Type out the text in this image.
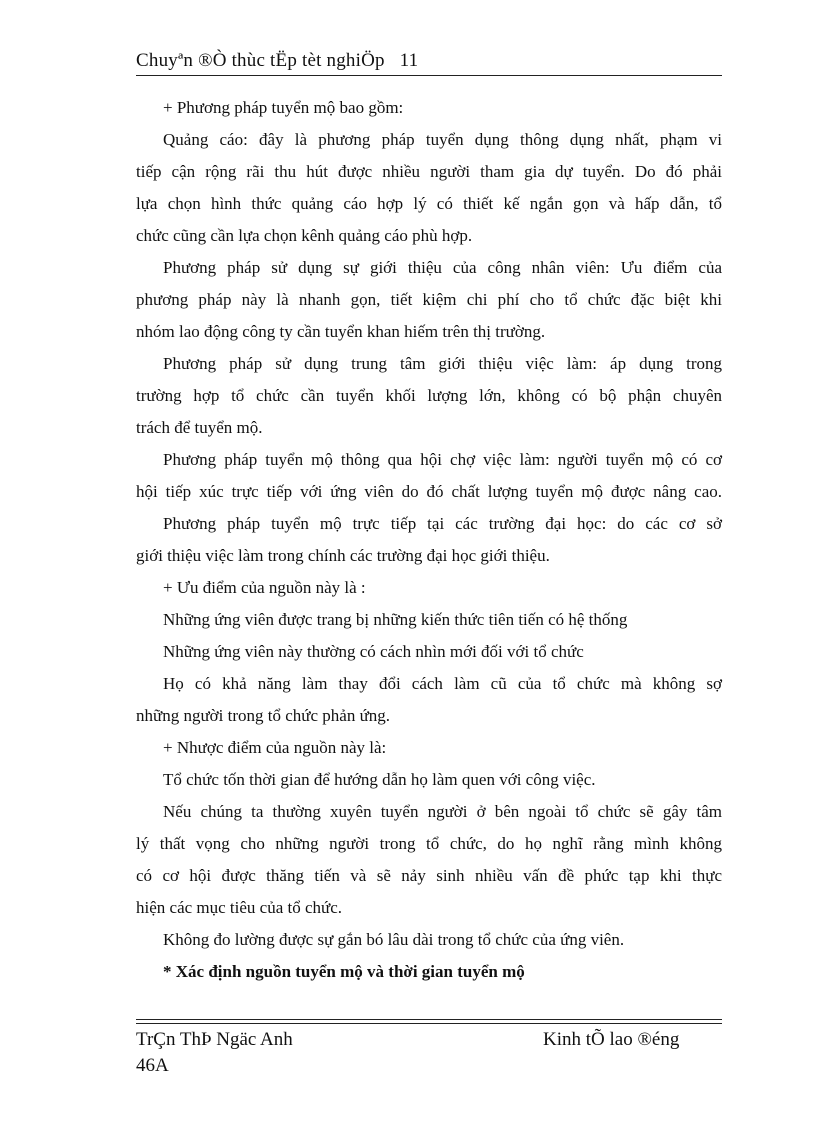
Chuyªn ®Ò thùc tËp tèt nghiÖp 11
+ Phương pháp tuyển mộ bao gồm:
Quảng cáo: đây là phương pháp tuyển dụng thông dụng nhất, phạm vi
tiếp cận rộng rãi thu hút được nhiều người tham gia dự tuyển. Do đó phải
lựa chọn hình thức quảng cáo hợp lý có thiết kế ngắn gọn và hấp dẫn, tổ
chức cũng cần lựa chọn kênh quảng cáo phù hợp.
Phương pháp sử dụng sự giới thiệu của công nhân viên: Ưu điểm của
phương pháp này là nhanh gọn, tiết kiệm chi phí cho tổ chức đặc biệt khi
nhóm lao động công ty cần tuyển khan hiếm trên thị trường.
Phương pháp sử dụng trung tâm giới thiệu việc làm: áp dụng trong
trường hợp tổ chức cần tuyển khối lượng lớn, không có bộ phận chuyên
trách để tuyển mộ.
Phương pháp tuyển mộ thông qua hội chợ việc làm: người tuyển mộ có cơ
hội tiếp xúc trực tiếp với ứng viên do đó chất lượng tuyển mộ được nâng cao.
Phương pháp tuyển mộ trực tiếp tại các trường đại học: do các cơ sở
giới thiệu việc làm trong chính các trường đại học giới thiệu.
+ Ưu điểm của nguồn này là :
Những ứng viên được trang bị những kiến thức tiên tiến có hệ thống
Những ứng viên này thường có cách nhìn mới đối với tổ chức
Họ có khả năng làm thay đổi cách làm cũ của tổ chức mà không sợ
những người trong tổ chức phản ứng.
+ Nhược điểm của nguồn này là:
Tổ chức tốn thời gian để hướng dẫn họ làm quen với công việc.
Nếu chúng ta thường xuyên tuyển người ở bên ngoài tổ chức sẽ gây tâm
lý thất vọng cho những người trong tổ chức, do họ nghĩ rằng mình không
có cơ hội được thăng tiến và sẽ nảy sinh nhiều vấn đề phức tạp khi thực
hiện các mục tiêu của tổ chức.
Không đo lường được sự gắn bó lâu dài trong tổ chức của ứng viên.
* Xác định nguồn tuyển mộ và thời gian tuyển mộ
TrÇn ThÞ Ngäc Anh
46A
Kinh tÕ lao ®éng
